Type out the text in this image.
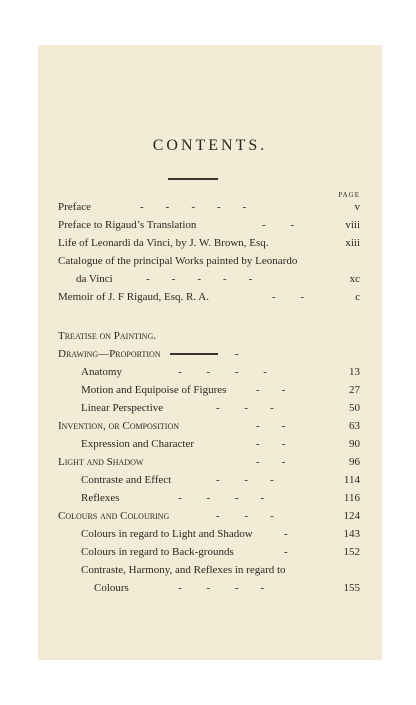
CONTENTS.
PAGE
Preface	-        -        -        -        -	v
Preface to Rigaud’s Translation	-         -	viii
Life of Leonardi da Vinci, by J. W. Brown, Esq.	xiii
Catalogue of the principal Works painted by Leonardo
da Vinci	-        -        -        -        -	xc
Memoir of J. F Rigaud, Esq. R. A.	-         -	c
Treatise on Painting.
Drawing—Proportion -         -         -
Anatomy	-         -         -         -	13
Motion and Equipoise of Figures	-        -	27
Linear Perspective	-         -        -	50
Invention, or Composition	-        -	63
Expression and Character	-        -	90
Light and Shadow	-        -	96
Contraste and Effect	-         -        -	114
Reflexes	-         -         -        -	116
Colours and Colouring	-         -        -	124
Colours in regard to Light and Shadow	-	143
Colours in regard to Back-grounds	-	152
Contraste, Harmony, and Reflexes in regard to
Colours	-         -         -        -	155
